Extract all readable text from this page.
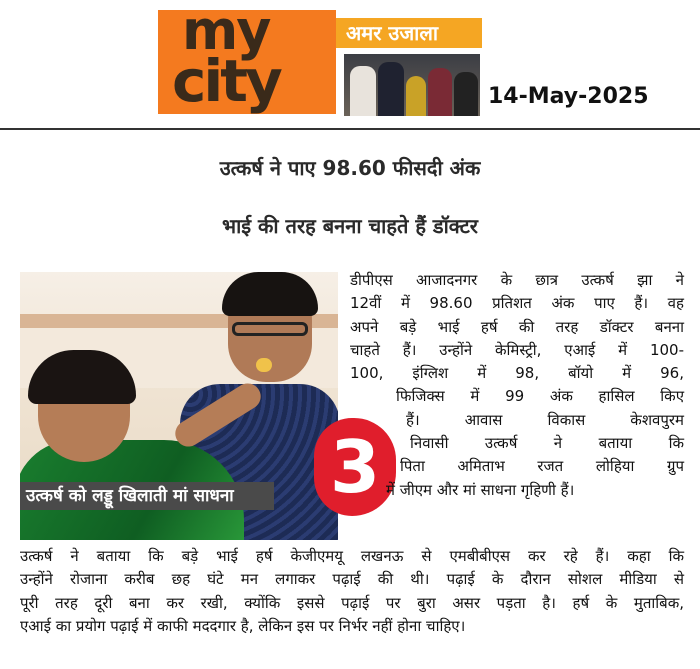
my
city
अमर उजाला
14-May-2025
उत्कर्ष ने पाए 98.60 फीसदी अंक
भाई की तरह बनना चाहते हैं डॉक्टर
उत्कर्ष को लड्डू खिलाती मां साधना	3
डीपीएस आजादनगर के छात्र उत्कर्ष झा ने
12वीं में 98.60 प्रतिशत अंक पाए हैं। वह
अपने बड़े भाई हर्ष की तरह डॉक्टर बनना
चाहते हैं। उन्होंने केमिस्ट्री, एआई में 100-
100, इंग्लिश में 98, बॉयो में 96,
फिजिक्स में 99 अंक हासिल किए
हैं। आवास विकास केशवपुरम
निवासी उत्कर्ष ने बताया कि
पिता अमिताभ रजत लोहिया ग्रुप
में जीएम और मां साधना गृहिणी हैं।
उत्कर्ष ने बताया कि बड़े भाई हर्ष केजीएमयू लखनऊ से एमबीबीएस कर रहे हैं। कहा कि
उन्होंने रोजाना करीब छह घंटे मन लगाकर पढ़ाई की थी। पढ़ाई के दौरान सोशल मीडिया से
पूरी तरह दूरी बना कर रखी, क्योंकि इससे पढ़ाई पर बुरा असर पड़ता है। हर्ष के मुताबिक,
एआई का प्रयोग पढ़ाई में काफी मददगार है, लेकिन इस पर निर्भर नहीं होना चाहिए।
